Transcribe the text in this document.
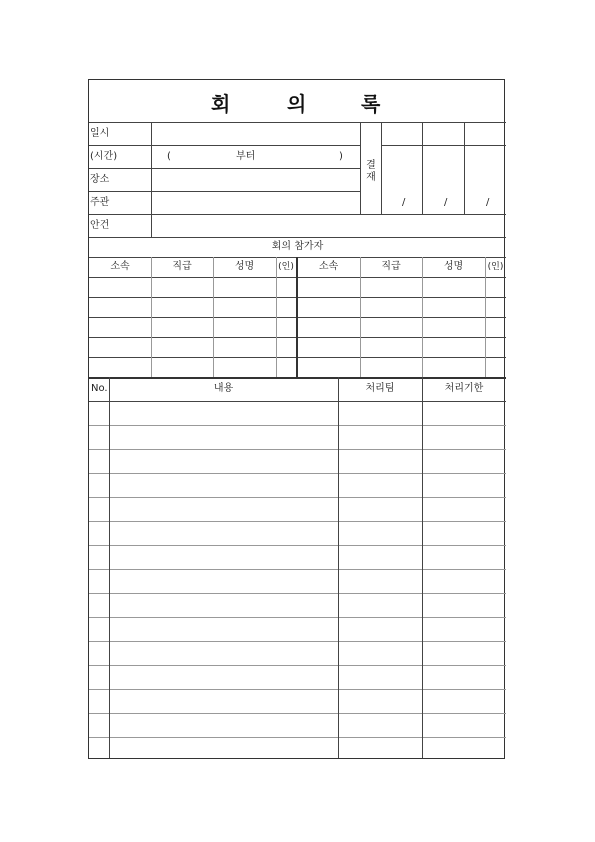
회	의	록
일시
(시간)	(	부터	)
장소
주관
안건
결
재
/	/	/
회의 참가자
소속	직급	성명	(인)	소속	직급	성명	(인)
No.	내용	처리팀	처리기한
